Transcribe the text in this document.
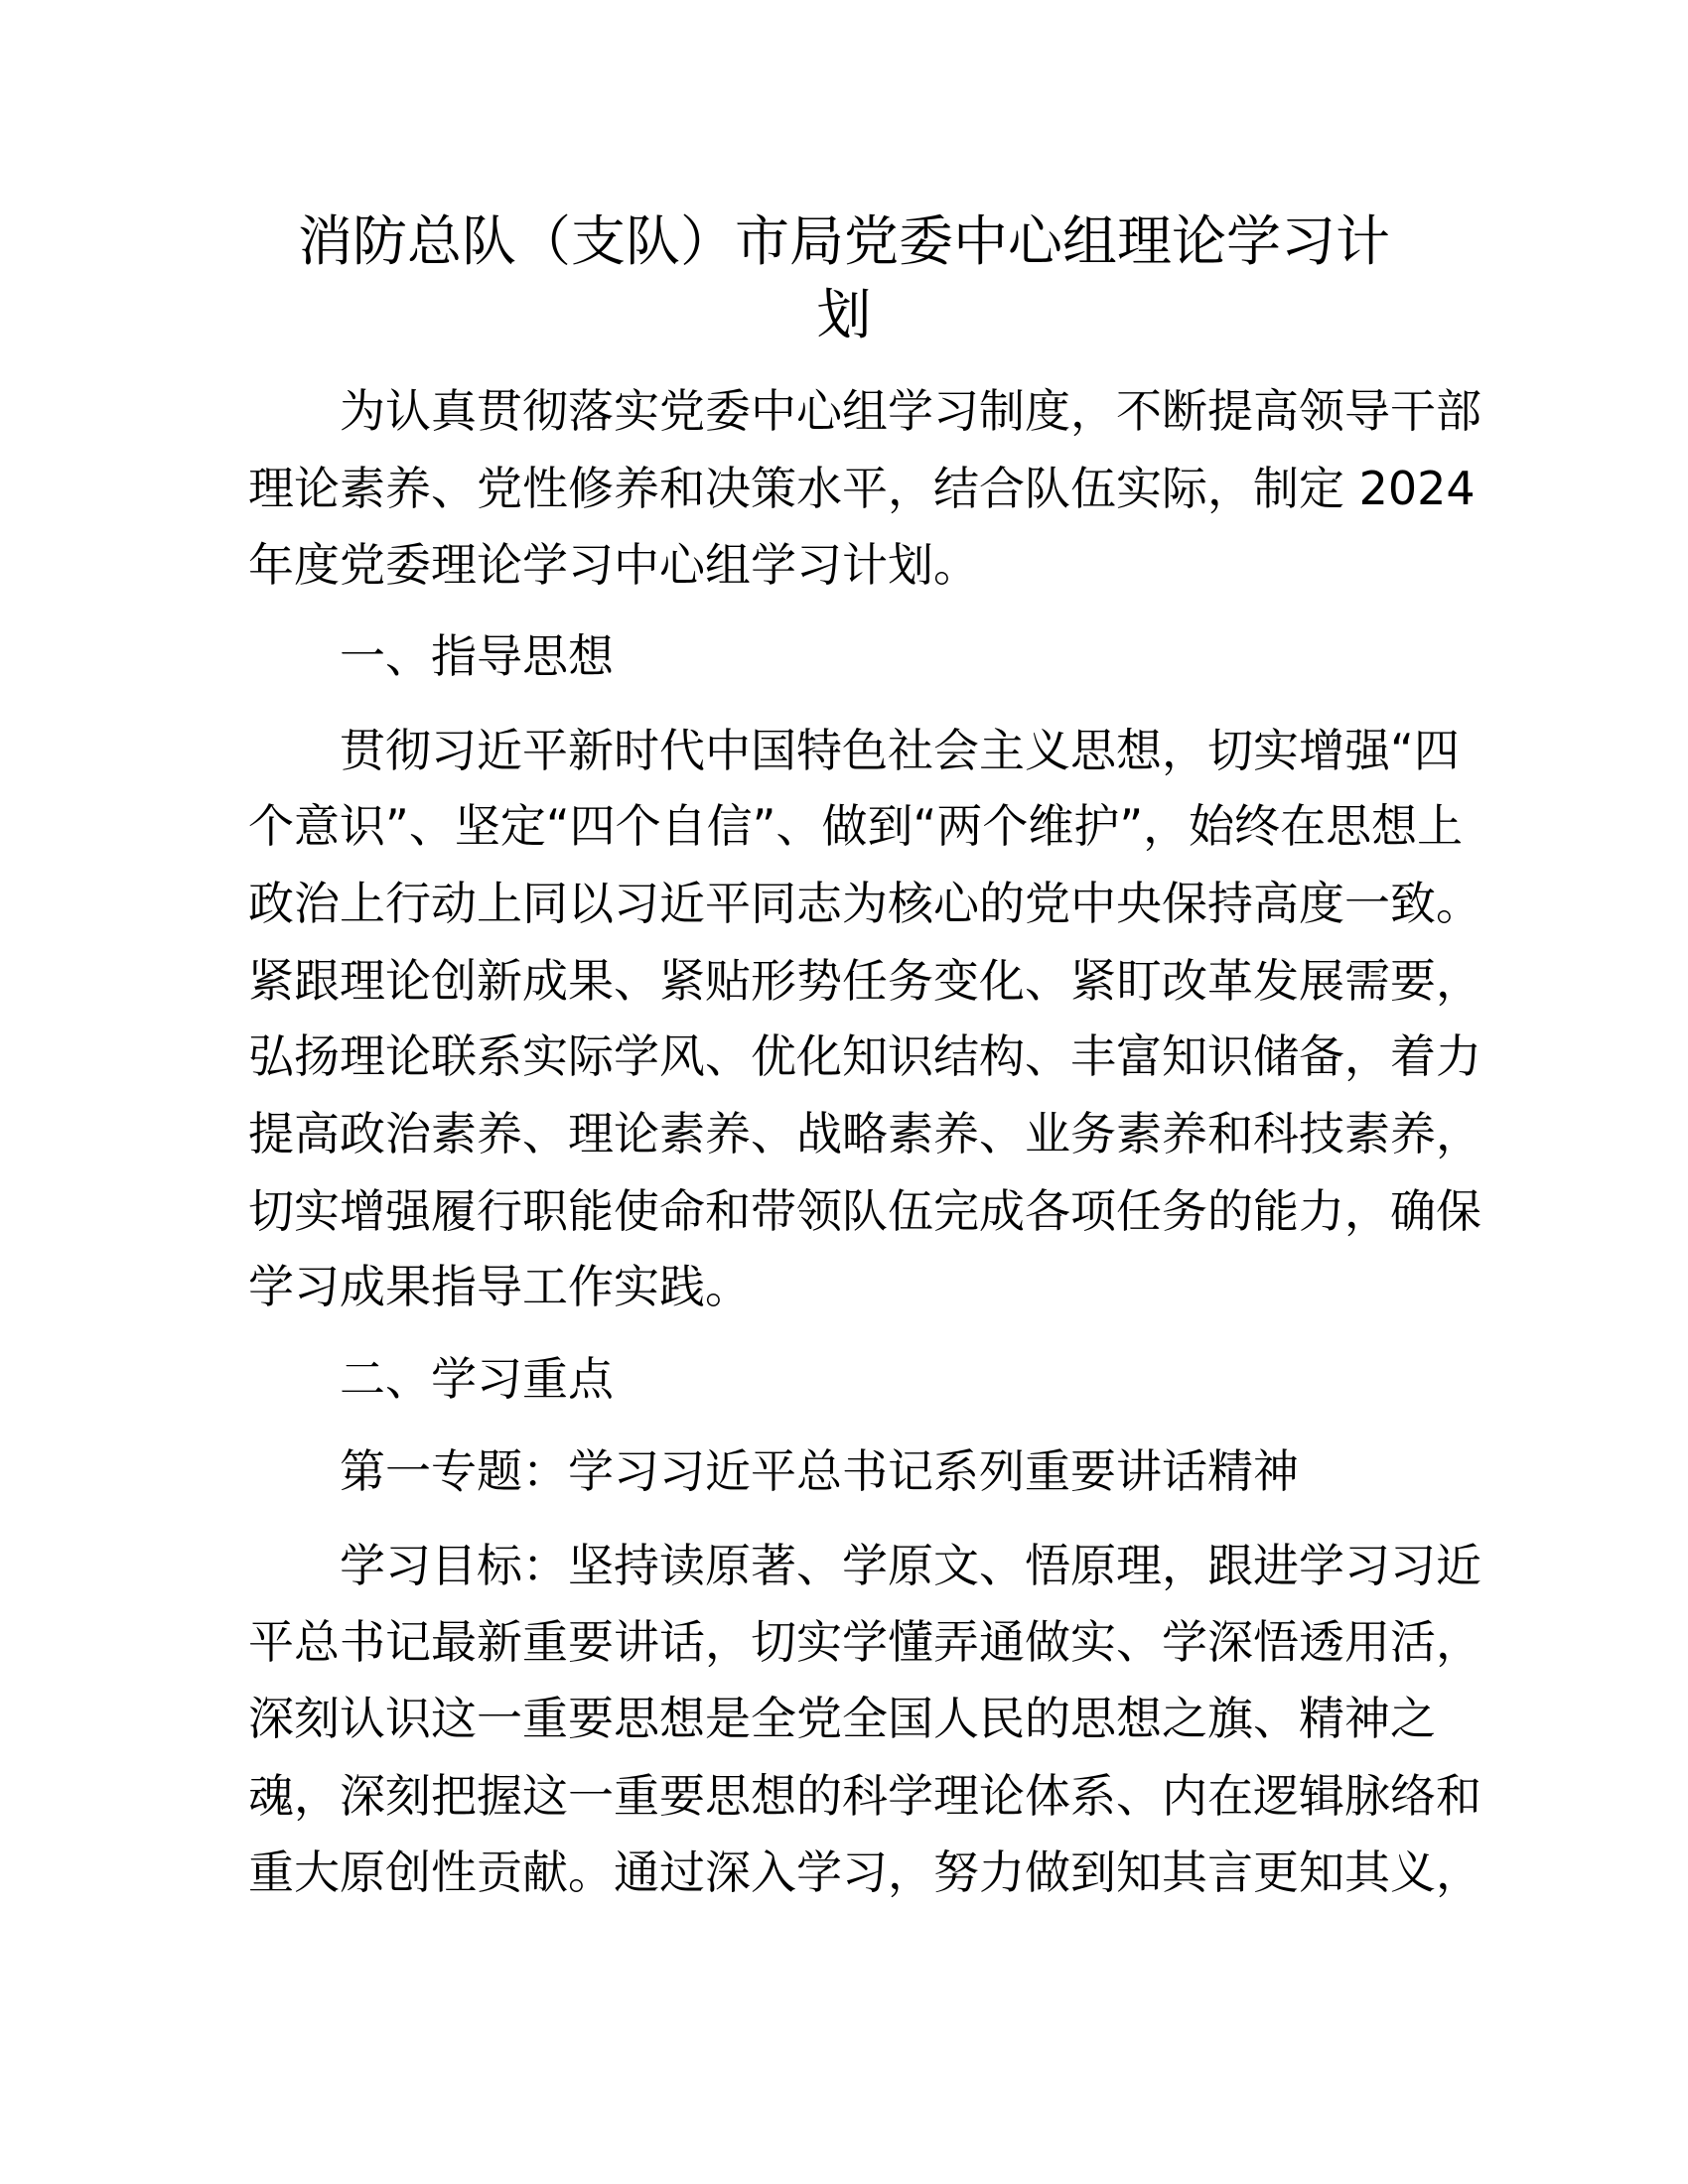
消防总队（支队）市局党委中心组理论学习计
划
为认真贯彻落实党委中心组学习制度，不断提高领导干部
理论素养、党性修养和决策水平，结合队伍实际，制定 2024
年度党委理论学习中心组学习计划。
一、指导思想
贯彻习近平新时代中国特色社会主义思想，切实增强“四
个意识”、坚定“四个自信”、做到“两个维护”，始终在思想上
政治上行动上同以习近平同志为核心的党中央保持高度一致。
紧跟理论创新成果、紧贴形势任务变化、紧盯改革发展需要，
弘扬理论联系实际学风、优化知识结构、丰富知识储备，着力
提高政治素养、理论素养、战略素养、业务素养和科技素养，
切实增强履行职能使命和带领队伍完成各项任务的能力，确保
学习成果指导工作实践。
二、学习重点
第一专题：学习习近平总书记系列重要讲话精神
学习目标：坚持读原著、学原文、悟原理，跟进学习习近
平总书记最新重要讲话，切实学懂弄通做实、学深悟透用活，
深刻认识这一重要思想是全党全国人民的思想之旗、精神之
魂，深刻把握这一重要思想的科学理论体系、内在逻辑脉络和
重大原创性贡献。通过深入学习，努力做到知其言更知其义，
